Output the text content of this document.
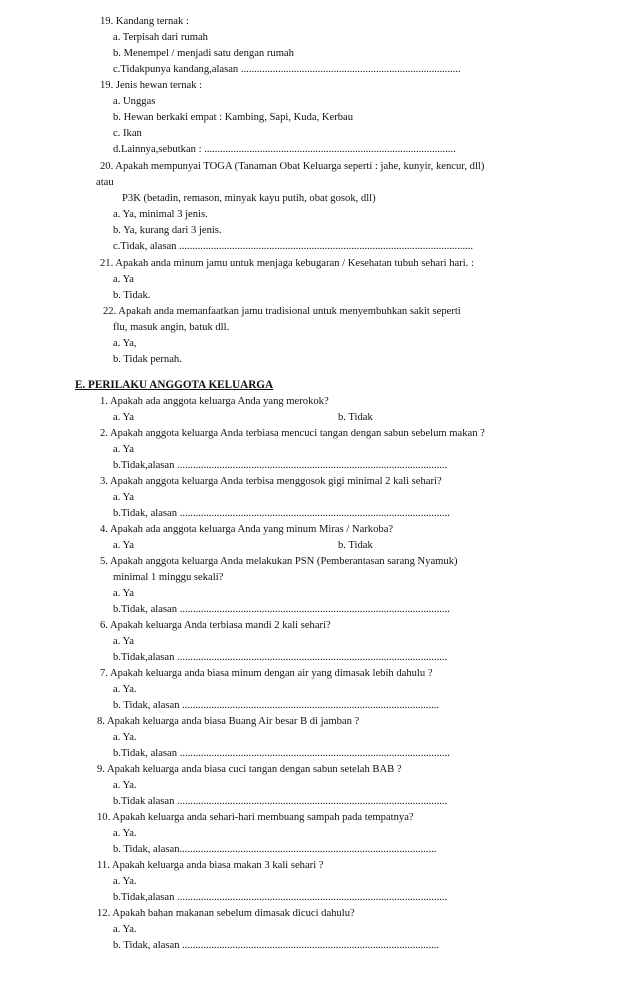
19. Kandang ternak :
a. Terpisah dari rumah
b. Menempel / menjadi satu dengan rumah
c.Tidakpunya kandang,alasan ...................................................................................
19. Jenis hewan ternak :
a. Unggas
b. Hewan berkaki empat : Kambing, Sapi, Kuda, Kerbau
c. Ikan
d.Lainnya,sebutkan : ...............................................................................................
20. Apakah mempunyai TOGA (Tanaman Obat Keluarga seperti : jahe, kunyir, kencur, dll)
atau
P3K (betadin, remason, minyak kayu putih, obat gosok, dll)
a. Ya, minimal 3 jenis.
b. Ya, kurang dari 3 jenis.
c.Tidak, alasan ...............................................................................................................
21. Apakah anda minum jamu untuk menjaga kebugaran / Kesehatan tubuh sehari hari. :
a. Ya
b. Tidak.
22. Apakah anda memanfaatkan jamu tradisional untuk menyembuhkan sakit seperti
flu, masuk angin, batuk dll.
a. Ya,
b. Tidak pernah.
E. PERILAKU ANGGOTA KELUARGA
1. Apakah ada anggota keluarga Anda yang merokok?
a. Ya	b. Tidak
2. Apakah anggota keluarga Anda terbiasa mencuci tangan dengan sabun sebelum makan ?
a. Ya
b.Tidak,alasan ......................................................................................................
3. Apakah anggota keluarga Anda terbisa menggosok gigi minimal 2 kali sehari?
a. Ya
b.Tidak, alasan ......................................................................................................
4. Apakah ada anggota keluarga Anda yang minum Miras / Narkoba?
a. Ya	b. Tidak
5. Apakah anggota keluarga Anda melakukan PSN (Pemberantasan sarang Nyamuk)
minimal 1 minggu sekali?
a. Ya
b.Tidak, alasan ......................................................................................................
6. Apakah keluarga Anda terbiasa mandi 2 kali sehari?
a. Ya
b.Tidak,alasan ......................................................................................................
7. Apakah keluarga anda biasa minum dengan air yang dimasak lebih dahulu ?
a. Ya.
b. Tidak, alasan .................................................................................................
8. Apakah keluarga anda biasa Buang Air besar B di jamban ?
a. Ya.
b.Tidak, alasan ......................................................................................................
9. Apakah keluarga anda biasa cuci tangan dengan sabun setelah BAB ?
a. Ya.
b.Tidak alasan ......................................................................................................
10. Apakah keluarga anda sehari-hari membuang sampah pada tempatnya?
a. Ya.
b. Tidak, alasan.................................................................................................
11. Apakah keluarga anda biasa makan 3 kali sehari ?
a. Ya.
b.Tidak,alasan ......................................................................................................
12. Apakah bahan makanan sebelum dimasak dicuci dahulu?
a. Ya.
b. Tidak, alasan .................................................................................................
